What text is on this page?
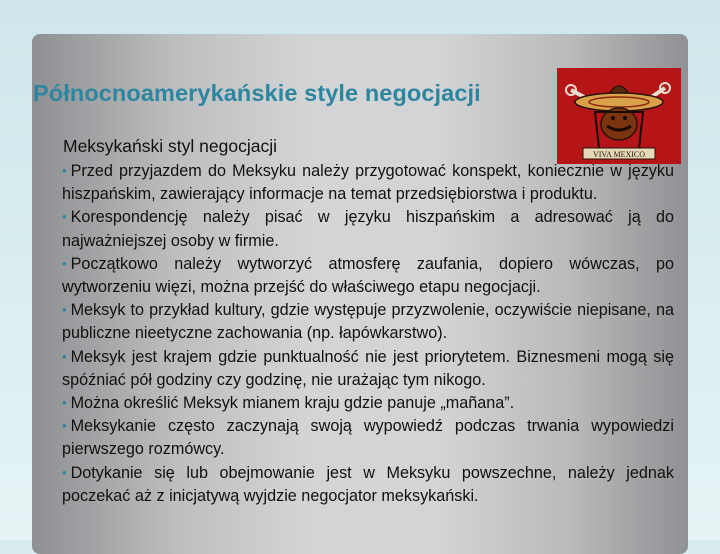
Północnoamerykańskie style negocjacji
VIVA MEXICO
Meksykański styl negocjacji

• Przed przyjazdem do Meksyku należy przygotować konspekt, koniecznie w języku hiszpańskim, zawierający informacje na temat przedsiębiorstwa i produktu.

• Korespondencję należy pisać w języku hiszpańskim a adresować ją do najważniejszej osoby w firmie.

• Początkowo należy wytworzyć atmosferę zaufania, dopiero wówczas, po wytworzeniu więzi, można przejść do właściwego etapu negocjacji.

• Meksyk to przykład kultury, gdzie występuje przyzwolenie, oczywiście niepisane, na publiczne nieetyczne zachowania (np. łapówkarstwo).

• Meksyk jest krajem gdzie punktualność nie jest priorytetem. Biznesmeni mogą się spóźniać pół godziny czy godzinę, nie urażając tym nikogo.

• Można określić Meksyk mianem kraju gdzie panuje „mañana”.

• Meksykanie często zaczynają swoją wypowiedź podczas trwania wypowiedzi pierwszego rozmówcy.

• Dotykanie się lub obejmowanie jest w Meksyku powszechne, należy jednak poczekać aż z inicjatywą wyjdzie negocjator meksykański.
